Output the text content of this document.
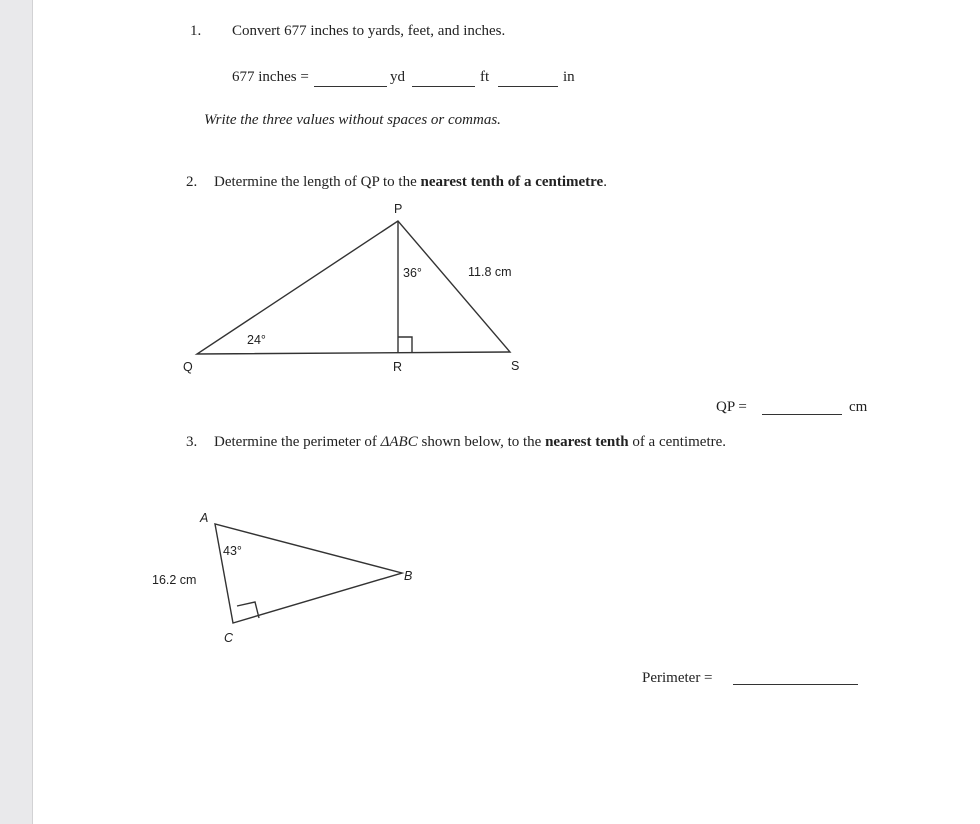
1. Convert 677 inches to yards, feet, and inches.
677 inches =	yd	ft	in
Write the three values without spaces or commas.
2. Determine the length of QP to the nearest tenth of a centimetre.
P
Q	R	S
36°
24°
11.8 cm
QP =	cm
3. Determine the perimeter of ΔABC shown below, to the nearest tenth of a centimetre.
A
B
C
43°
16.2 cm
Perimeter =
